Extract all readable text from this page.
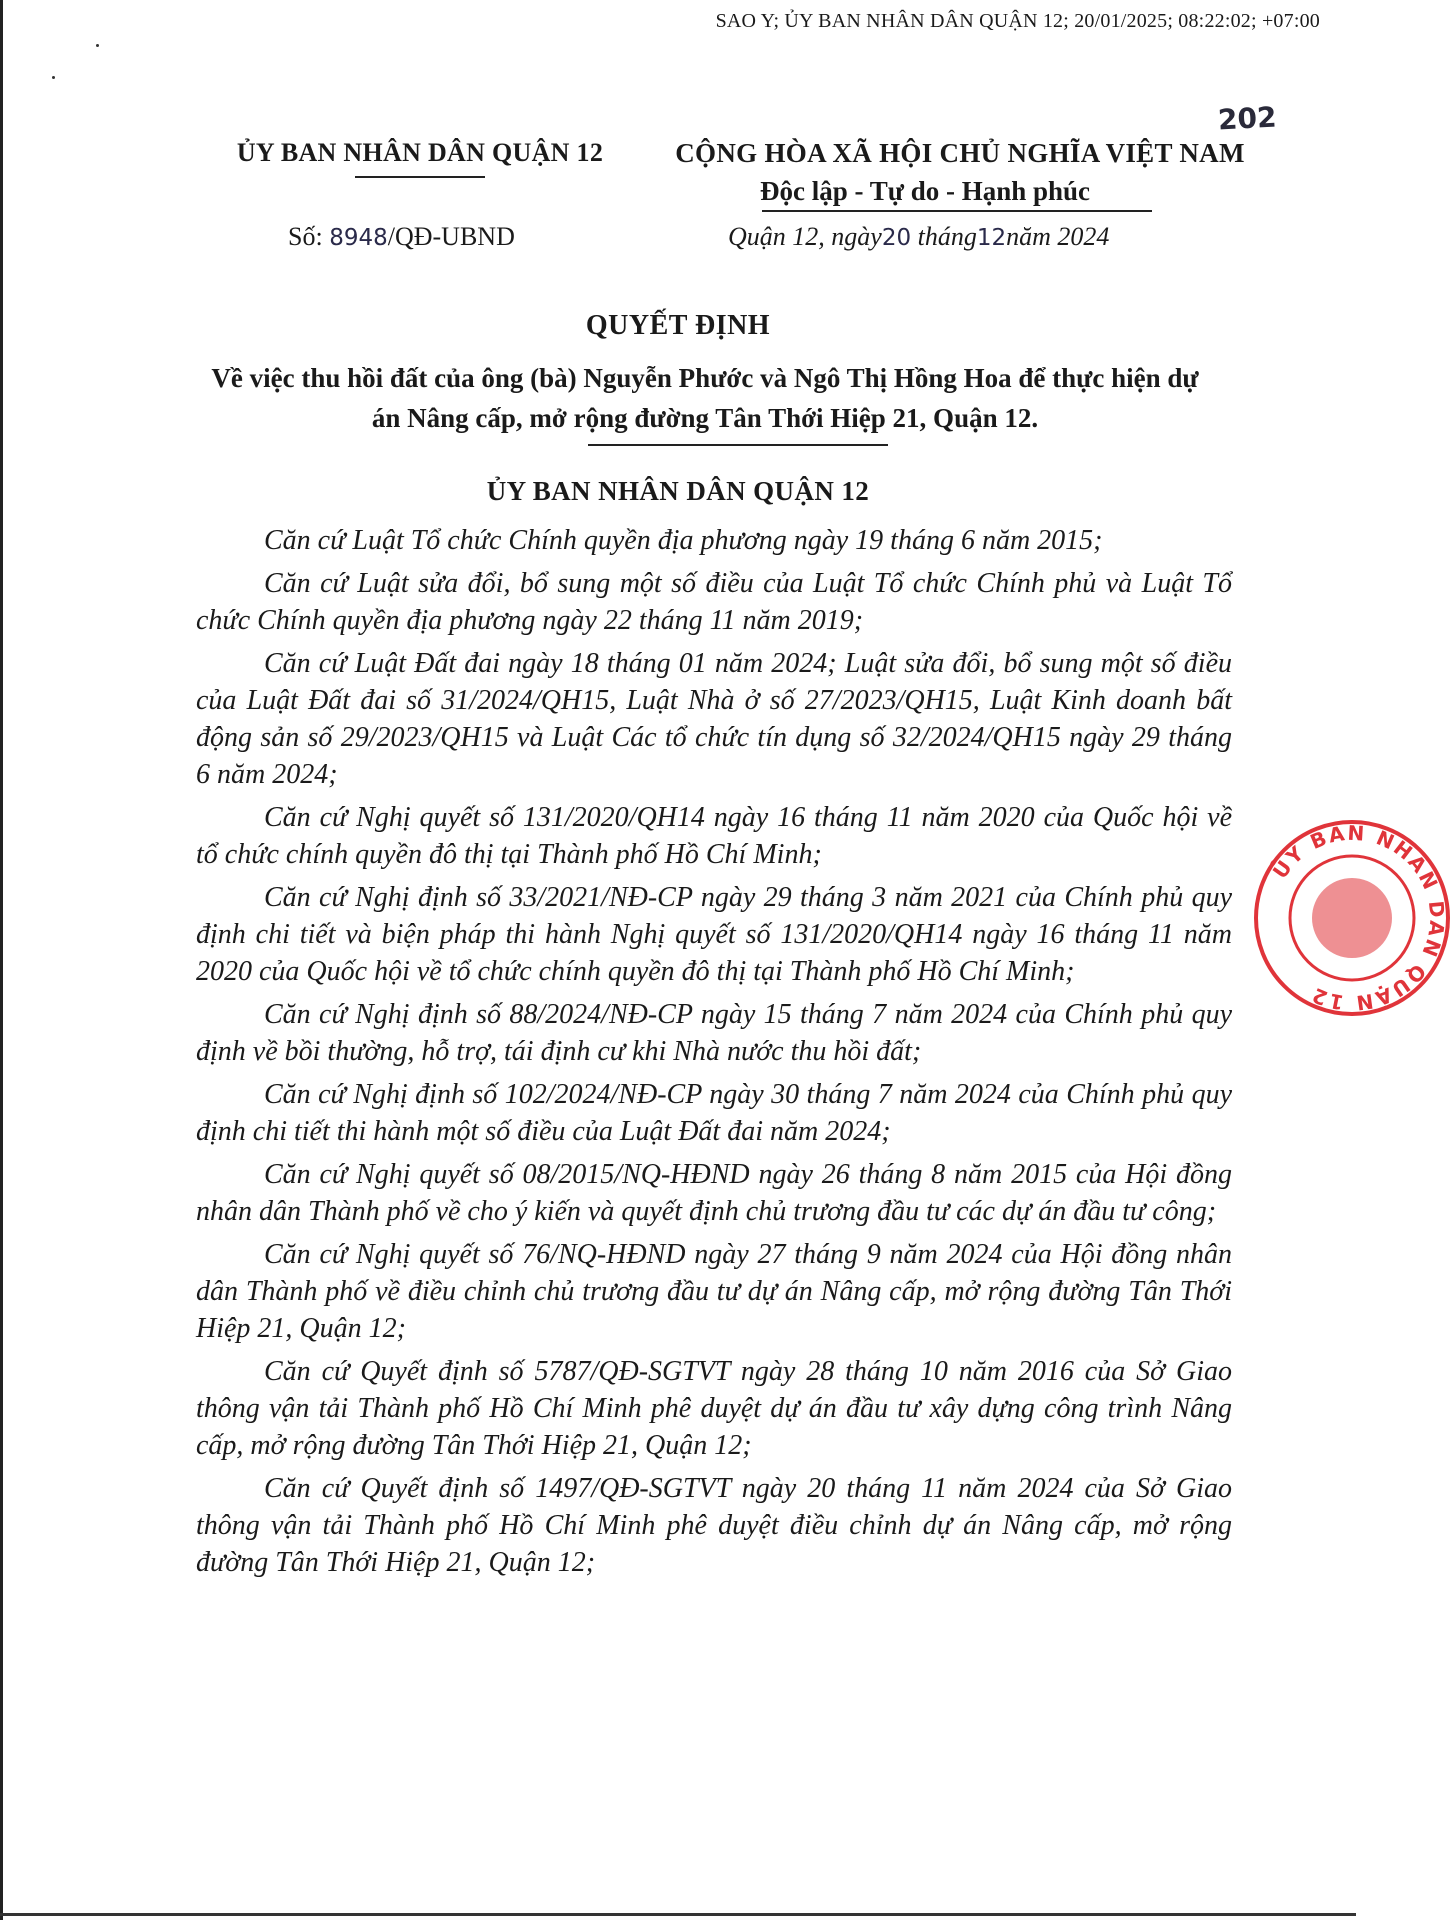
SAO Y; ỦY BAN NHÂN DÂN QUẬN 12; 20/01/2025; 08:22:02; +07:00
202
ỦY BAN NHÂN DÂN QUẬN 12	CỘNG HÒA XÃ HỘI CHỦ NGHĨA VIỆT NAM
Độc lập - Tự do - Hạnh phúc
Số: 8948/QĐ-UBND	Quận 12, ngày20 tháng12năm 2024
QUYẾT ĐỊNH
Về việc thu hồi đất của ông (bà) Nguyễn Phước và Ngô Thị Hồng Hoa để thực hiện dự án Nâng cấp, mở rộng đường Tân Thới Hiệp 21, Quận 12.
ỦY BAN NHÂN DÂN QUẬN 12

Căn cứ Luật Tổ chức Chính quyền địa phương ngày 19 tháng 6 năm 2015;

Căn cứ Luật sửa đổi, bổ sung một số điều của Luật Tổ chức Chính phủ và Luật Tổ chức Chính quyền địa phương ngày 22 tháng 11 năm 2019;

Căn cứ Luật Đất đai ngày 18 tháng 01 năm 2024; Luật sửa đổi, bổ sung một số điều của Luật Đất đai số 31/2024/QH15, Luật Nhà ở số 27/2023/QH15, Luật Kinh doanh bất động sản số 29/2023/QH15 và Luật Các tổ chức tín dụng số 32/2024/QH15 ngày 29 tháng 6 năm 2024;

Căn cứ Nghị quyết số 131/2020/QH14 ngày 16 tháng 11 năm 2020 của Quốc hội về tổ chức chính quyền đô thị tại Thành phố Hồ Chí Minh;

Căn cứ Nghị định số 33/2021/NĐ-CP ngày 29 tháng 3 năm 2021 của Chính phủ quy định chi tiết và biện pháp thi hành Nghị quyết số 131/2020/QH14 ngày 16 tháng 11 năm 2020 của Quốc hội về tổ chức chính quyền đô thị tại Thành phố Hồ Chí Minh;

Căn cứ Nghị định số 88/2024/NĐ-CP ngày 15 tháng 7 năm 2024 của Chính phủ quy định về bồi thường, hỗ trợ, tái định cư khi Nhà nước thu hồi đất;

Căn cứ Nghị định số 102/2024/NĐ-CP ngày 30 tháng 7 năm 2024 của Chính phủ quy định chi tiết thi hành một số điều của Luật Đất đai năm 2024;

Căn cứ Nghị quyết số 08/2015/NQ-HĐND ngày 26 tháng 8 năm 2015 của Hội đồng nhân dân Thành phố về cho ý kiến và quyết định chủ trương đầu tư các dự án đầu tư công;

Căn cứ Nghị quyết số 76/NQ-HĐND ngày 27 tháng 9 năm 2024 của Hội đồng nhân dân Thành phố về điều chỉnh chủ trương đầu tư dự án Nâng cấp, mở rộng đường Tân Thới Hiệp 21, Quận 12;

Căn cứ Quyết định số 5787/QĐ-SGTVT ngày 28 tháng 10 năm 2016 của Sở Giao thông vận tải Thành phố Hồ Chí Minh phê duyệt dự án đầu tư xây dựng công trình Nâng cấp, mở rộng đường Tân Thới Hiệp 21, Quận 12;

Căn cứ Quyết định số 1497/QĐ-SGTVT ngày 20 tháng 11 năm 2024 của Sở Giao thông vận tải Thành phố Hồ Chí Minh phê duyệt điều chỉnh dự án Nâng cấp, mở rộng đường Tân Thới Hiệp 21, Quận 12;

ỦY BAN NHÂN DÂN QUẬN 12
